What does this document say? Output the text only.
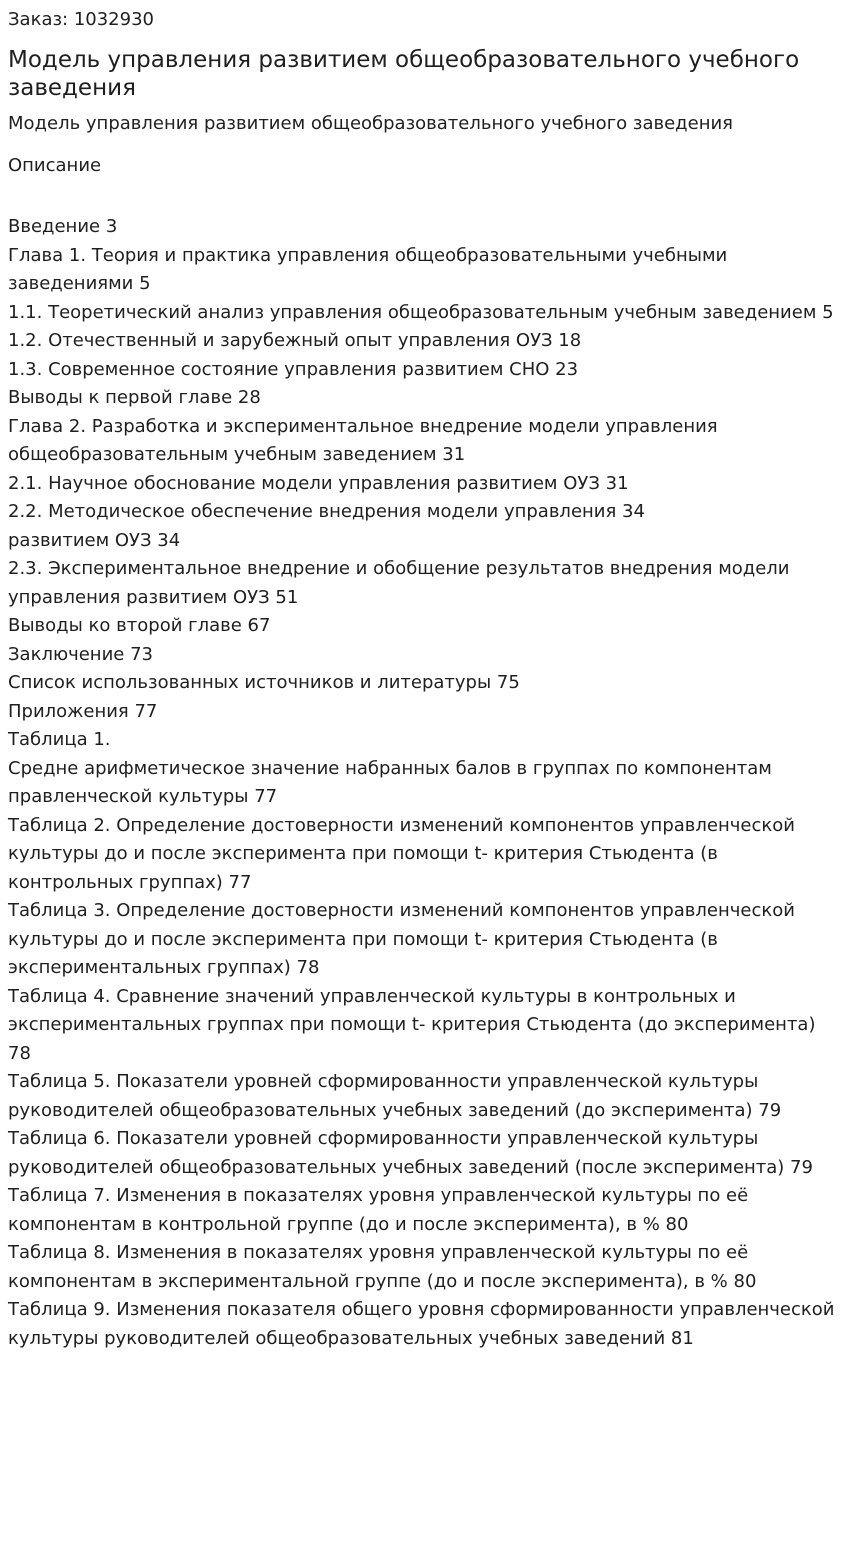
Заказ: 1032930

Модель управления развитием общеобразовательного учебного заведения

Модель управления развитием общеобразовательного учебного заведения

Описание

Введение 3
Глава 1. Теория и практика управления общеобразовательными учебными заведениями 5
1.1. Теоретический анализ управления общеобразовательным учебным заведением 5
1.2. Отечественный и зарубежный опыт управления ОУЗ 18
1.3. Современное состояние управления развитием СНО 23
Выводы к первой главе 28
Глава 2. Разработка и экспериментальное внедрение модели управления общеобразовательным учебным заведением 31
2.1. Научное обоснование модели управления развитием ОУЗ 31
2.2. Методическое обеспечение внедрения модели управления 34
развитием ОУЗ 34
2.3. Экспериментальное внедрение и обобщение результатов внедрения модели управления развитием ОУЗ 51
Выводы ко второй главе 67
Заключение 73
Список использованных источников и литературы 75
Приложения 77
Таблица 1.
Средне арифметическое значение набранных балов в группах по компонентам правленческой культуры 77
Таблица 2. Определение достоверности изменений компонентов управленческой культуры до и после эксперимента при помощи t- критерия Стьюдента (в контрольных группах) 77
Таблица 3. Определение достоверности изменений компонентов управленческой культуры до и после эксперимента при помощи t- критерия Стьюдента (в экспериментальных группах) 78
Таблица 4. Сравнение значений управленческой культуры в контрольных и экспериментальных группах при помощи t- критерия Стьюдента (до эксперимента) 78
Таблица 5. Показатели уровней сформированности управленческой культуры руководителей общеобразовательных учебных заведений (до эксперимента) 79
Таблица 6. Показатели уровней сформированности управленческой культуры руководителей общеобразовательных учебных заведений (после эксперимента) 79
Таблица 7. Изменения в показателях уровня управленческой культуры по её компонентам в контрольной группе (до и после эксперимента), в % 80
Таблица 8. Изменения в показателях уровня управленческой культуры по её компонентам в экспериментальной группе (до и после эксперимента), в % 80
Таблица 9. Изменения показателя общего уровня сформированности управленческой культуры руководителей общеобразовательных учебных заведений 81
